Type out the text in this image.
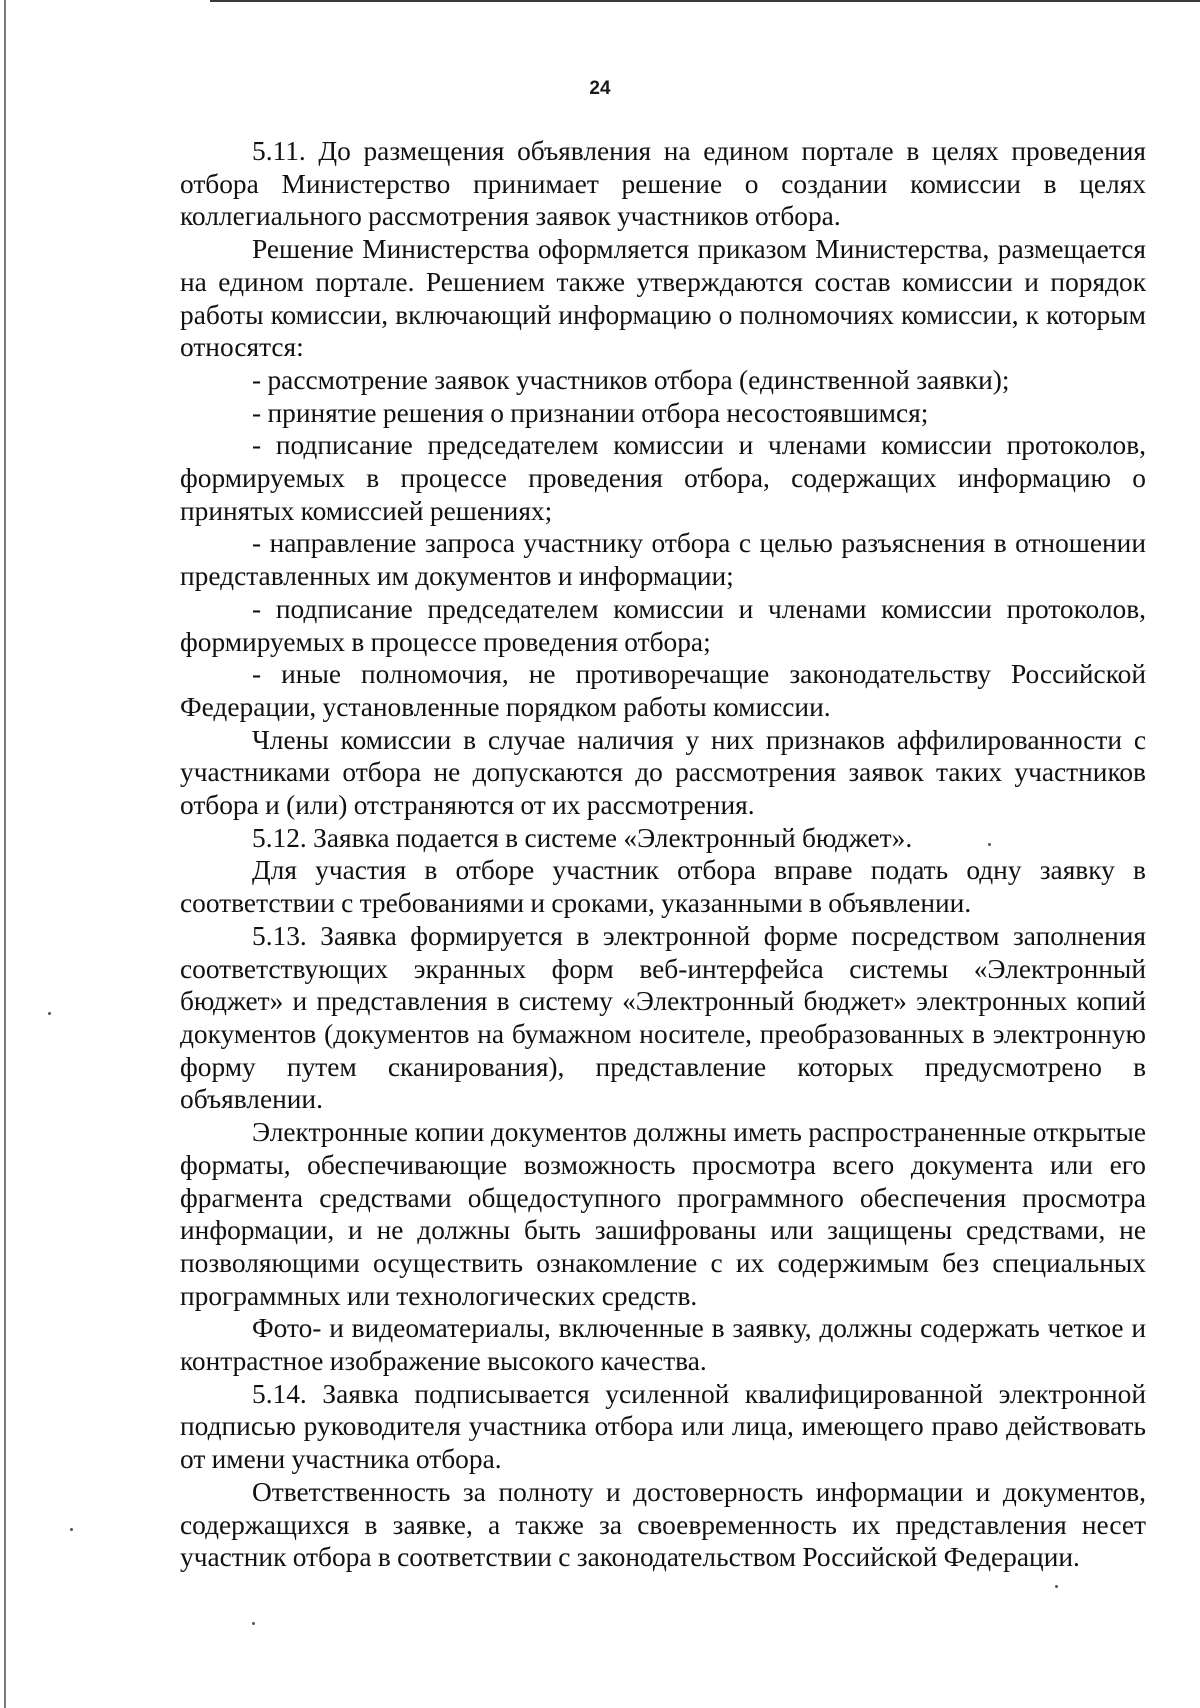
24

5.11. До размещения объявления на едином портале в целях проведения отбора Министерство принимает решение о создании комиссии в целях коллегиального рассмотрения заявок участников отбора.

Решение Министерства оформляется приказом Министерства, размещается на едином портале. Решением также утверждаются состав комиссии и порядок работы комиссии, включающий информацию о полномочиях комиссии, к которым относятся:

- рассмотрение заявок участников отбора (единственной заявки);

- принятие решения о признании отбора несостоявшимся;

- подписание председателем комиссии и членами комиссии протоколов, формируемых в процессе проведения отбора, содержащих информацию о принятых комиссией решениях;

- направление запроса участнику отбора с целью разъяснения в отношении представленных им документов и информации;

- подписание председателем комиссии и членами комиссии протоколов, формируемых в процессе проведения отбора;

- иные полномочия, не противоречащие законодательству Российской Федерации, установленные порядком работы комиссии.

Члены комиссии в случае наличия у них признаков аффилированности с участниками отбора не допускаются до рассмотрения заявок таких участников отбора и (или) отстраняются от их рассмотрения.

5.12. Заявка подается в системе «Электронный бюджет».

Для участия в отборе участник отбора вправе подать одну заявку в соответствии с требованиями и сроками, указанными в объявлении.

5.13. Заявка формируется в электронной форме посредством заполнения соответствующих экранных форм веб-интерфейса системы «Электронный бюджет» и представления в систему «Электронный бюджет» электронных копий документов (документов на бумажном носителе, преобразованных в электронную форму путем сканирования), представление которых предусмотрено в объявлении.

Электронные копии документов должны иметь распространенные открытые форматы, обеспечивающие возможность просмотра всего документа или его фрагмента средствами общедоступного программного обеспечения просмотра информации, и не должны быть зашифрованы или защищены средствами, не позволяющими осуществить ознакомление с их содержимым без специальных программных или технологических средств.

Фото- и видеоматериалы, включенные в заявку, должны содержать четкое и контрастное изображение высокого качества.

5.14. Заявка подписывается усиленной квалифицированной электронной подписью руководителя участника отбора или лица, имеющего право действовать от имени участника отбора.

Ответственность за полноту и достоверность информации и документов, содержащихся в заявке, а также за своевременность их представления несет участник отбора в соответствии с законодательством Российской Федерации.
